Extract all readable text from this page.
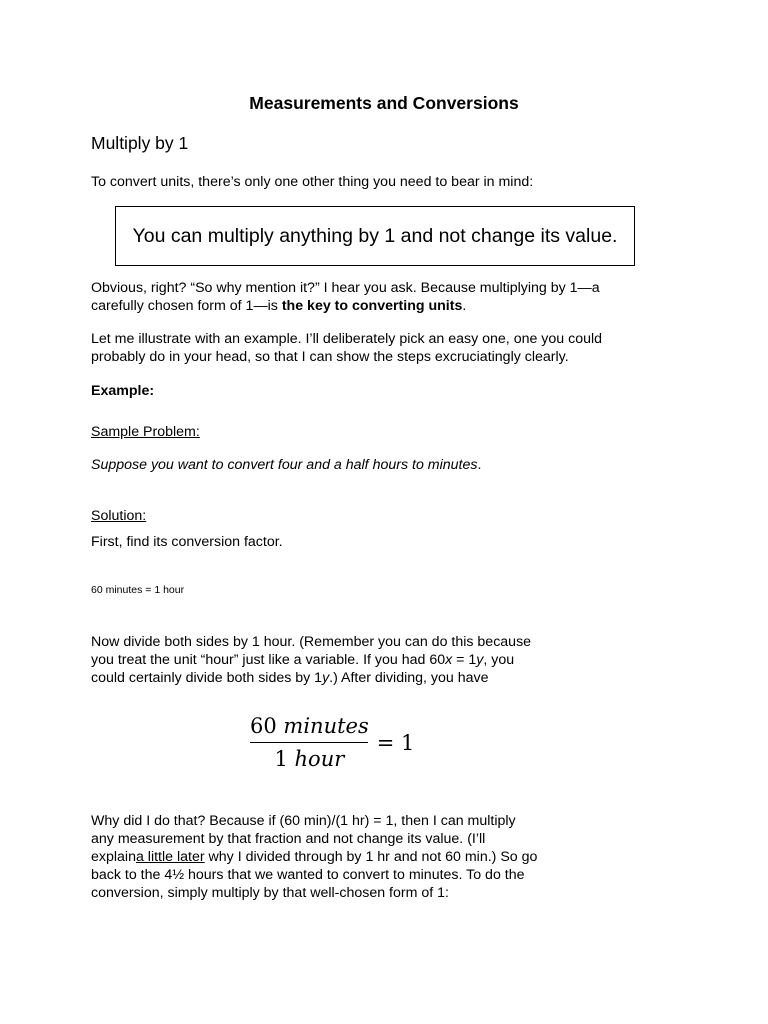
Measurements and Conversions
Multiply by 1

To convert units, there’s only one other thing you need to bear in mind:

You can multiply anything by 1 and not change its value.
Obvious, right? “So why mention it?” I hear you ask. Because multiplying by 1—a
carefully chosen form of 1—is the key to converting units.
Let me illustrate with an example. I’ll deliberately pick an easy one, one you could
probably do in your head, so that I can show the steps excruciatingly clearly.

Example:

Sample Problem:

Suppose you want to convert four and a half hours to minutes.

Solution:

First, find its conversion factor.

60 minutes = 1 hour

Now divide both sides by 1 hour. (Remember you can do this because
you treat the unit “hour” just like a variable. If you had 60x = 1y, you
could certainly divide both sides by 1y.) After dividing, you have
$\frac{\text{60 minutes}}{\text{1 hour}} = 1$
Why did I do that? Because if (60 min)/(1 hr) = 1, then I can multiply
any measurement by that fraction and not change its value. (I’ll
explaina little later why I divided through by 1 hr and not 60 min.) So go
back to the 4½ hours that we wanted to convert to minutes. To do the
conversion, simply multiply by that well-chosen form of 1:
